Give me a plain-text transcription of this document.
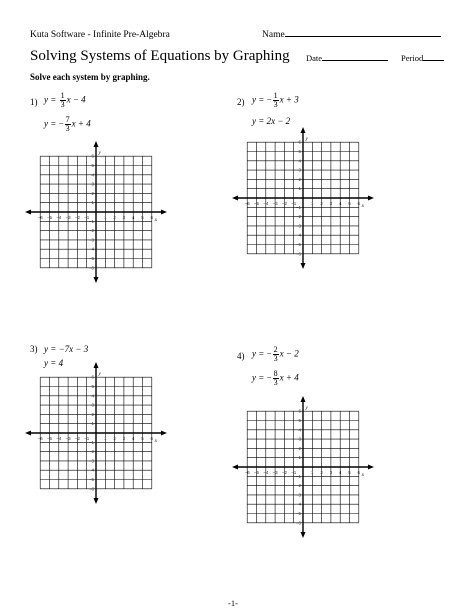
Kuta Software - Infinite Pre-Algebra	Name
Solving Systems of Equations by Graphing Date	Period
Solve each system by graphing.
1) $y = \frac{1}{3}$ x − 4
y = − $\frac{7}{3}$ x + 4
x
y
−6 −5 −4 −3 −2 −1	1 2 3 4 5 6
6
5
4
3
2
1
−1
−2
−3
−4
−5
−6
2) y = − $\frac{1}{3}$ x + 3
y = 2x − 2
x
y
−6 −5 −4 −3 −2 −1	1 2 3 4 5 6
6
5
4
3
2
1
−1
−2
−3
−4
−5
−6
3) y = −7x − 3
y = 4
x
y
−6 −5 −4 −3 −2 −1	1 2 3 4 5 6
6
5
4
3
2
1
−1
−2
−3
−4
−5
−6
4) y = − $\frac{2}{3}$ x − 2
y = − $\frac{8}{3}$ x + 4
x
y
−6 −5 −4 −3 −2 −1	1 2 3 4 5 6
6
5
4
3
2
1
−1
−2
−3
−4
−5
−6
-1-
